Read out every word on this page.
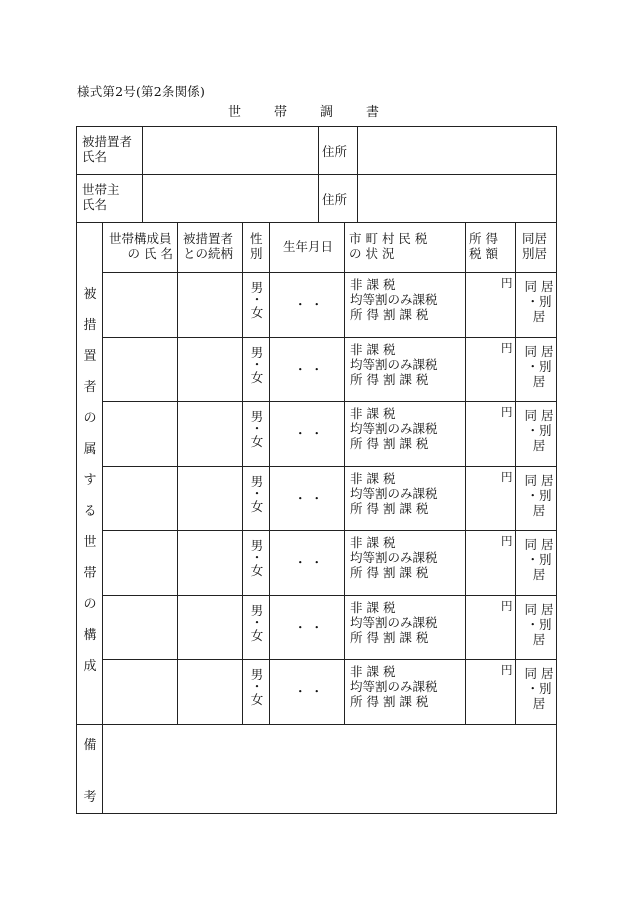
様式第2号(第2条関係)
世帯調書
被措置者
氏名	住所
世帯主
氏名	住所
被
措
置
者
の
属
す
る
世
帯
の
構
成
世帯構成員
の 氏 名
被措置者
との続柄
性
別 生年月日
市 町 村 民 税
の 状 況
所 得
税 額
同居
別居
男
・
女
・ ・
非 課 税
均等割のみ課税
所 得 割 課 税
円 同 居
・別
居
男
・
女
・ ・
非 課 税
均等割のみ課税
所 得 割 課 税
円 同 居
・別
居
男
・
女
・ ・
非 課 税
均等割のみ課税
所 得 割 課 税
円 同 居
・別
居
男
・
女
・ ・
非 課 税
均等割のみ課税
所 得 割 課 税
円 同 居
・別
居
男
・
女
・ ・
非 課 税
均等割のみ課税
所 得 割 課 税
円 同 居
・別
居
男
・
女
・ ・
非 課 税
均等割のみ課税
所 得 割 課 税
円 同 居
・別
居
男
・
女
・ ・
非 課 税
均等割のみ課税
所 得 割 課 税
円 同 居
・別
居
備
考
